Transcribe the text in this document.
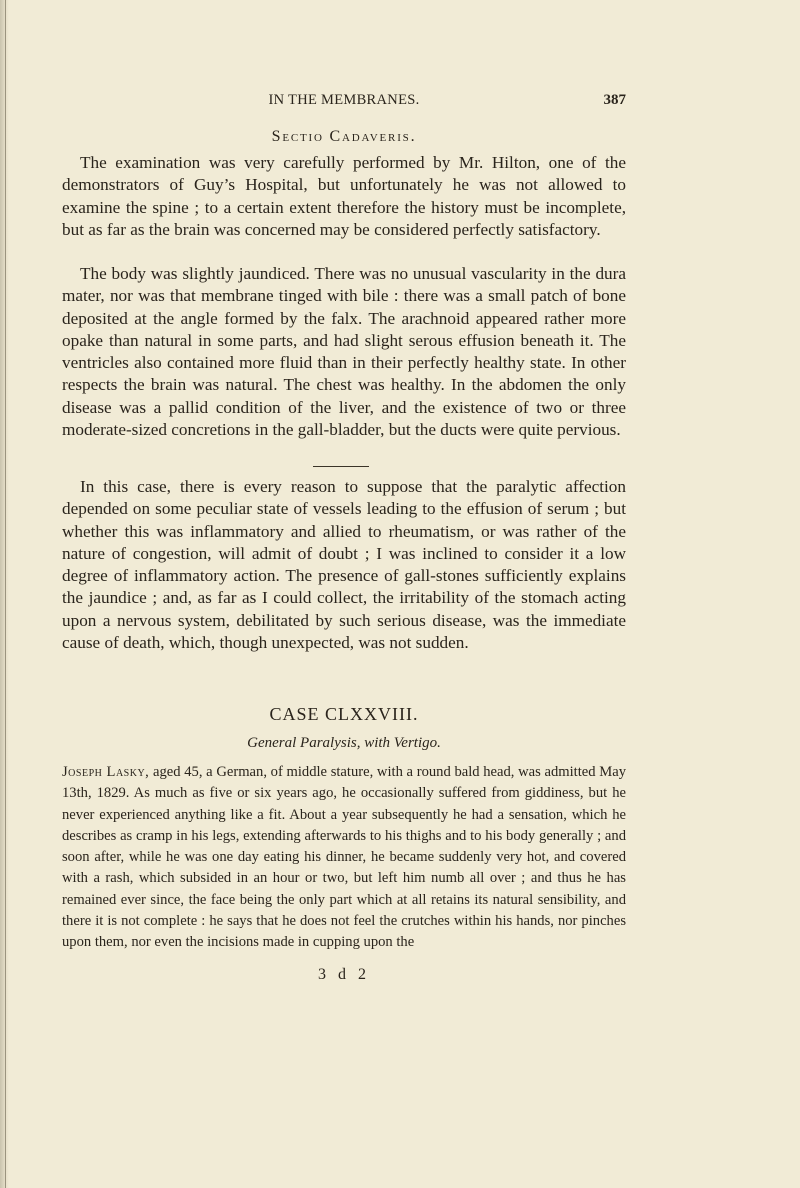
IN THE MEMBRANES.	387
Sectio Cadaveris.

The examination was very carefully performed by Mr. Hilton, one of the demonstrators of Guy’s Hospital, but unfortunately he was not allowed to examine the spine ; to a certain extent therefore the history must be incomplete, but as far as the brain was concerned may be considered perfectly satisfactory.

The body was slightly jaundiced. There was no unusual vascularity in the dura mater, nor was that membrane tinged with bile : there was a small patch of bone deposited at the angle formed by the falx. The arachnoid appeared rather more opake than natural in some parts, and had slight serous effusion beneath it. The ventricles also contained more fluid than in their perfectly healthy state. In other respects the brain was natural. The chest was healthy. In the abdomen the only disease was a pallid condition of the liver, and the existence of two or three moderate-sized concretions in the gall-bladder, but the ducts were quite pervious.

In this case, there is every reason to suppose that the paralytic affection depended on some peculiar state of vessels leading to the effusion of serum ; but whether this was inflammatory and allied to rheumatism, or was rather of the nature of congestion, will admit of doubt ; I was inclined to consider it a low degree of inflammatory action. The presence of gall-stones sufficiently explains the jaundice ; and, as far as I could collect, the irritability of the stomach acting upon a nervous system, debilitated by such serious disease, was the immediate cause of death, which, though unexpected, was not sudden.

CASE CLXXVIII.
General Paralysis, with Vertigo.

Joseph Lasky, aged 45, a German, of middle stature, with a round bald head, was admitted May 13th, 1829. As much as five or six years ago, he occasionally suffered from giddiness, but he never experienced anything like a fit. About a year subsequently he had a sensation, which he describes as cramp in his legs, extending afterwards to his thighs and to his body generally ; and soon after, while he was one day eating his dinner, he became suddenly very hot, and covered with a rash, which subsided in an hour or two, but left him numb all over ; and thus he has remained ever since, the face being the only part which at all retains its natural sensibility, and there it is not complete : he says that he does not feel the crutches within his hands, nor pinches upon them, nor even the incisions made in cupping upon the

3 d 2
